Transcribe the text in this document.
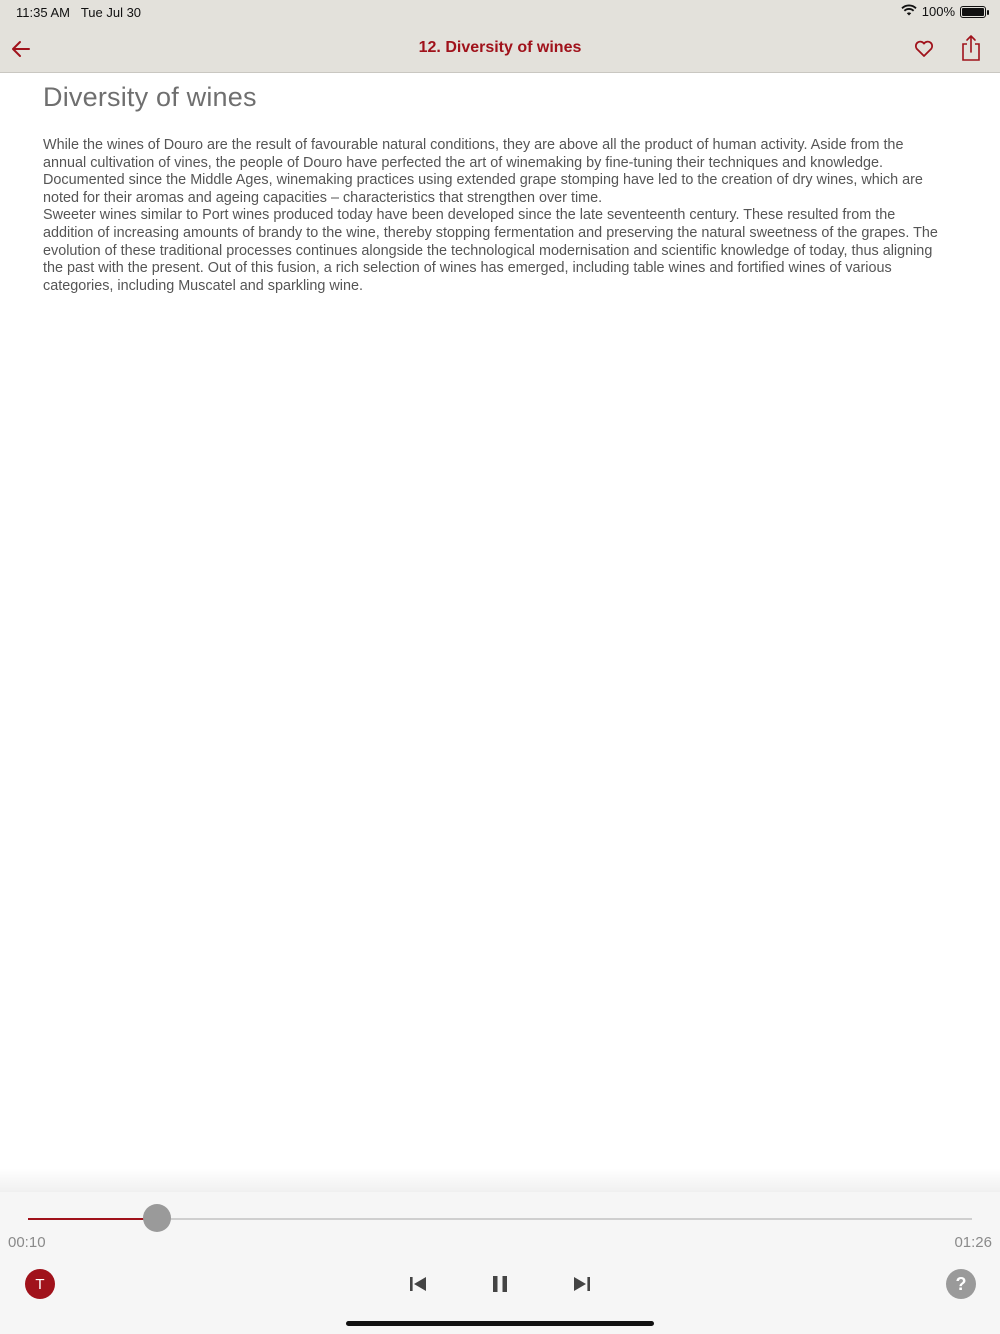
11:35 AM Tue Jul 30	100%
12. Diversity of wines
Diversity of wines

While the wines of Douro are the result of favourable natural conditions, they are above all the product of human activity. Aside from the annual cultivation of vines, the people of Douro have perfected the art of winemaking by fine-tuning their techniques and knowledge. Documented since the Middle Ages, winemaking practices using extended grape stomping have led to the creation of dry wines, which are noted for their aromas and ageing capacities – characteristics that strengthen over time.

Sweeter wines similar to Port wines produced today have been developed since the late seventeenth century. These resulted from the addition of increasing amounts of brandy to the wine, thereby stopping fermentation and preserving the natural sweetness of the grapes. The evolution of these traditional processes continues alongside the technological modernisation and scientific knowledge of today, thus aligning the past with the present. Out of this fusion, a rich selection of wines has emerged, including table wines and fortified wines of various categories, including Muscatel and sparkling wine.

00:10	01:26
T	?
